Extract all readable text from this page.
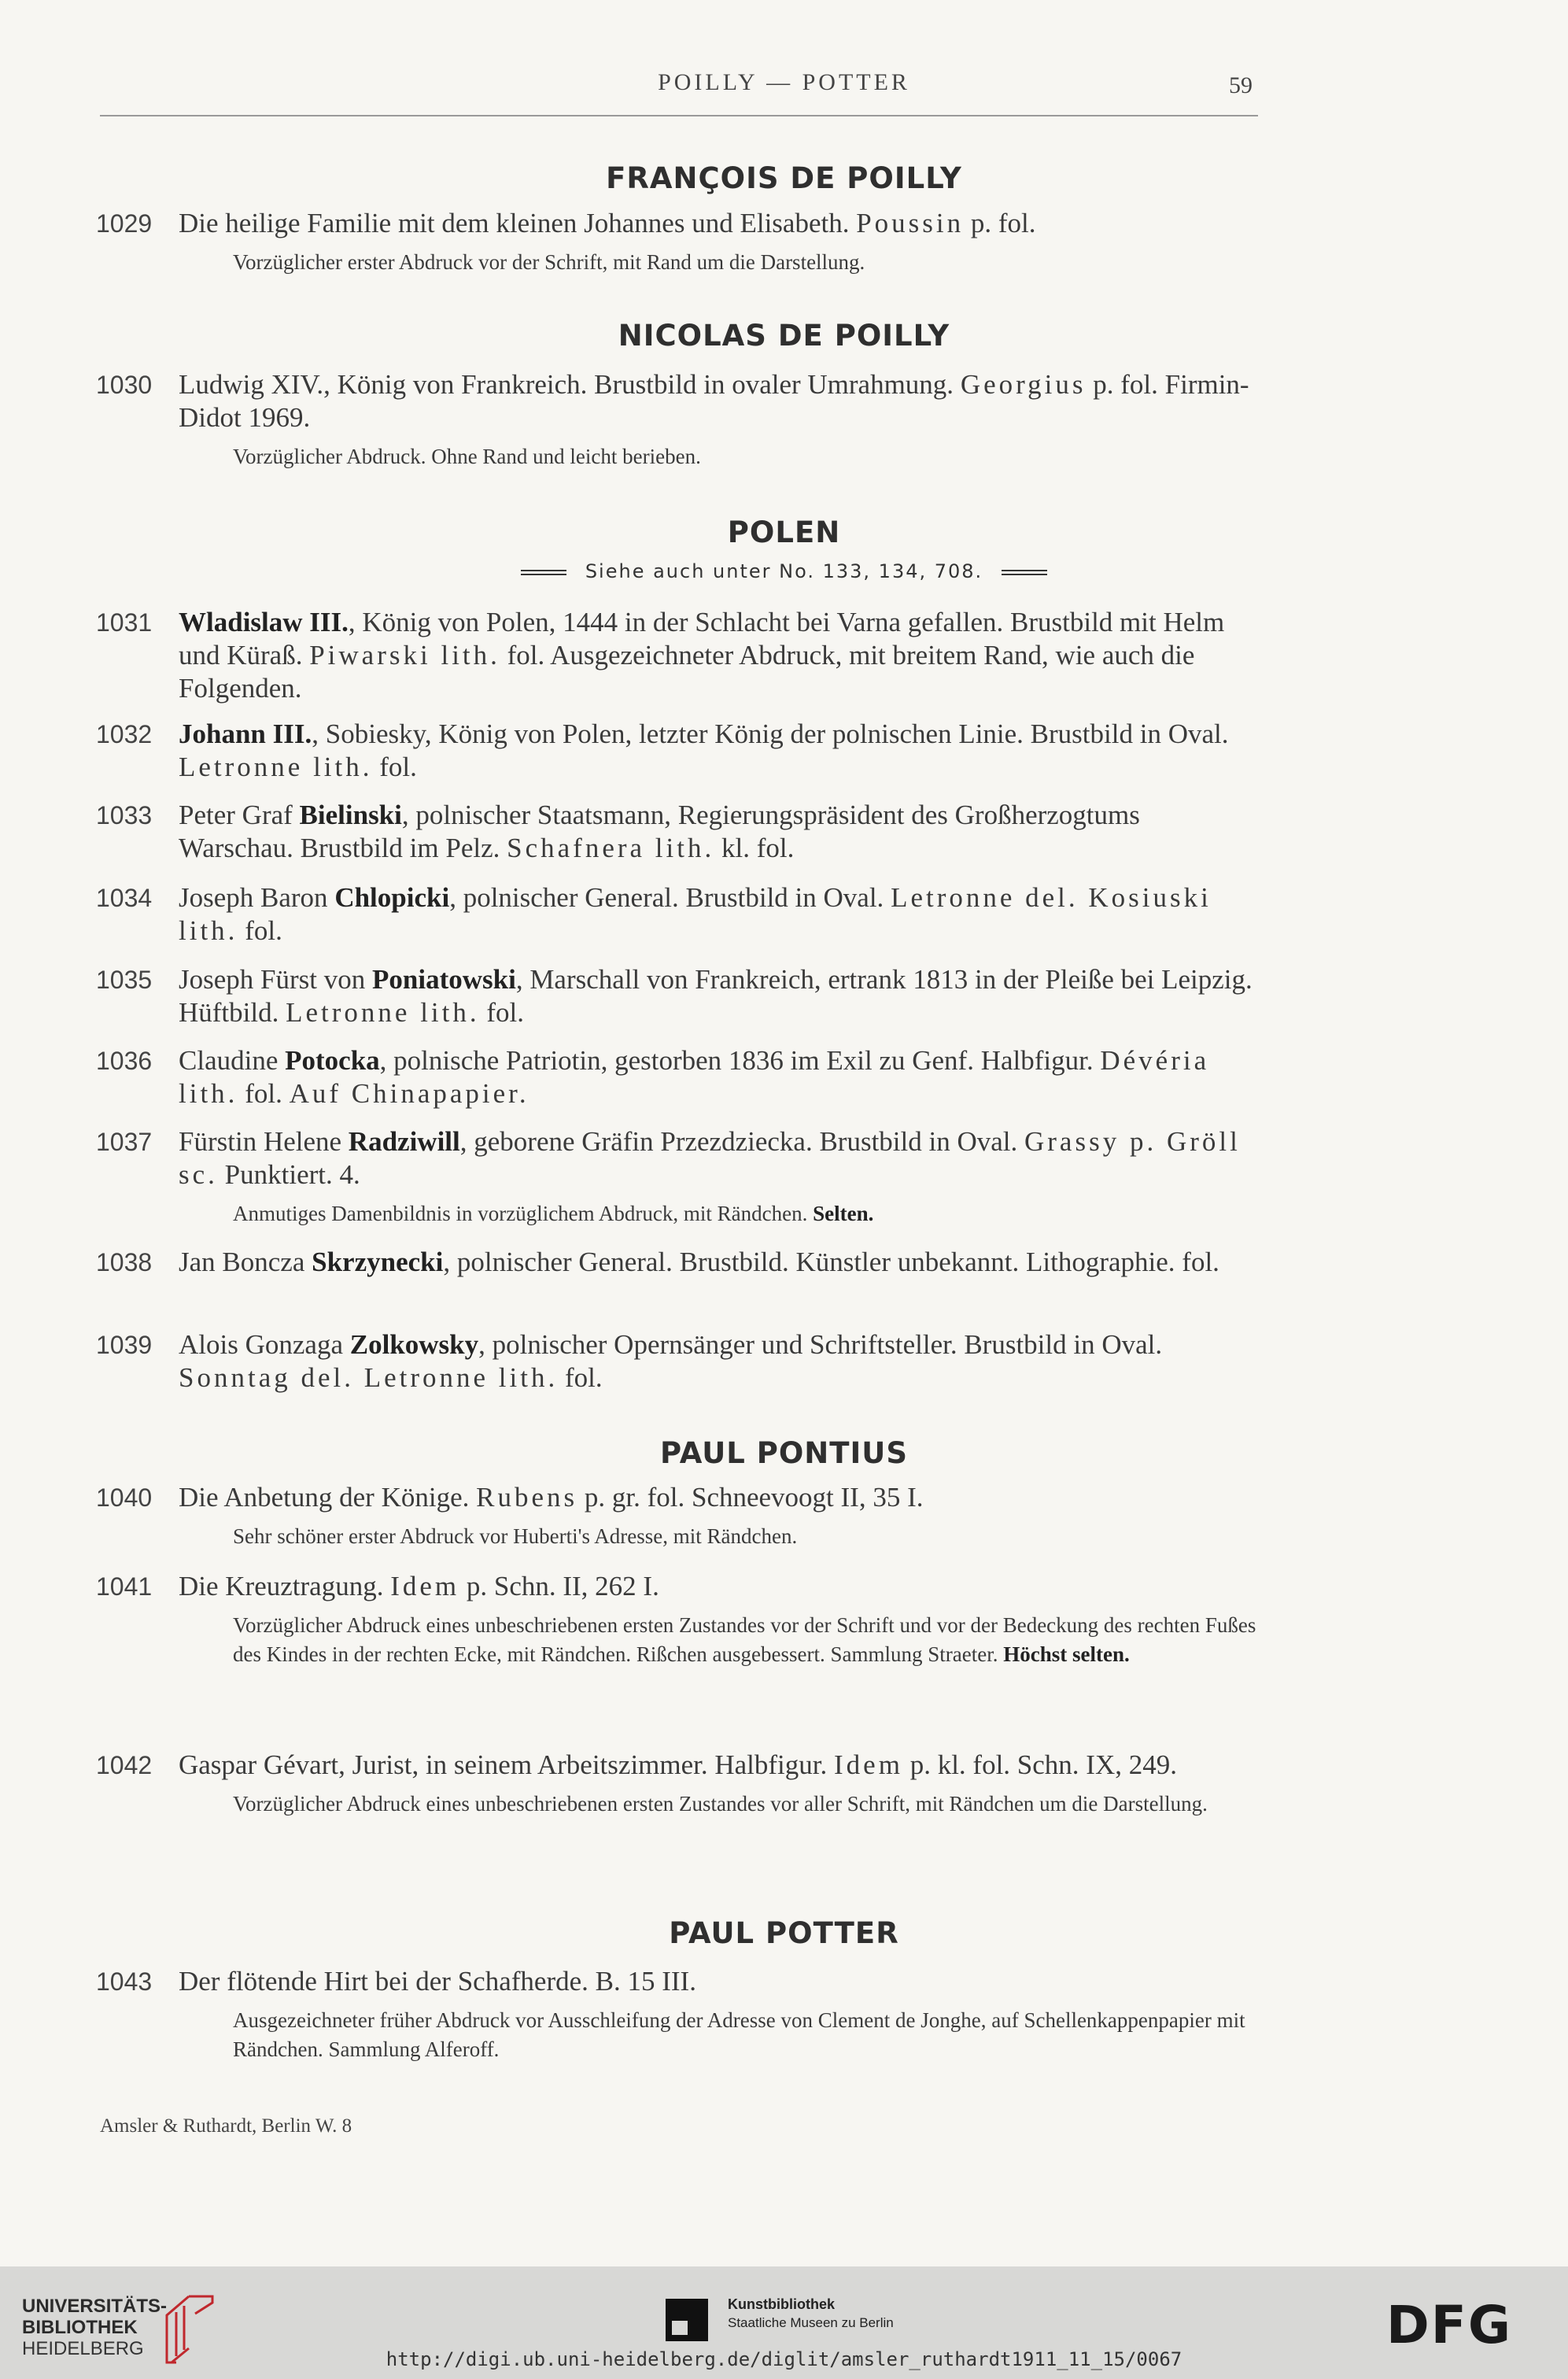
POILLY — POTTER	59
FRANÇOIS DE POILLY
1029 Die heilige Familie mit dem kleinen Johannes und Elisabeth. Poussin p. fol.
Vorzüglicher erster Abdruck vor der Schrift, mit Rand um die Darstellung.
NICOLAS DE POILLY
1030 Ludwig XIV., König von Frankreich. Brustbild in ovaler Umrahmung. Georgius p. fol. Firmin-Didot 1969.
Vorzüglicher Abdruck. Ohne Rand und leicht berieben.
POLEN
Siehe auch unter No. 133, 134, 708.
1031 Wladislaw III., König von Polen, 1444 in der Schlacht bei Varna gefallen. Brustbild mit Helm und Küraß. Piwarski lith. fol. Ausgezeichneter Abdruck, mit breitem Rand, wie auch die Folgenden.
1032 Johann III., Sobiesky, König von Polen, letzter König der polnischen Linie. Brustbild in Oval. Letronne lith. fol.
1033 Peter Graf Bielinski, polnischer Staatsmann, Regierungspräsident des Großherzogtums Warschau. Brustbild im Pelz. Schafnera lith. kl. fol.
1034 Joseph Baron Chlopicki, polnischer General. Brustbild in Oval. Letronne del. Kosiuski lith. fol.
1035 Joseph Fürst von Poniatowski, Marschall von Frankreich, ertrank 1813 in der Pleiße bei Leipzig. Hüftbild. Letronne lith. fol.
1036 Claudine Potocka, polnische Patriotin, gestorben 1836 im Exil zu Genf. Halbfigur. Dévéria lith. fol. Auf Chinapapier.
1037 Fürstin Helene Radziwill, geborene Gräfin Przezdziecka. Brustbild in Oval. Grassy p. Gröll sc. Punktiert. 4.
Anmutiges Damenbildnis in vorzüglichem Abdruck, mit Rändchen. Selten.
1038 Jan Boncza Skrzynecki, polnischer General. Brustbild. Künstler unbekannt. Lithographie. fol.
1039 Alois Gonzaga Zolkowsky, polnischer Opernsänger und Schriftsteller. Brustbild in Oval. Sonntag del. Letronne lith. fol.
PAUL PONTIUS
1040 Die Anbetung der Könige. Rubens p. gr. fol. Schneevoogt II, 35 I.
Sehr schöner erster Abdruck vor Huberti's Adresse, mit Rändchen.
1041 Die Kreuztragung. Idem p. Schn. II, 262 I.
Vorzüglicher Abdruck eines unbeschriebenen ersten Zustandes vor der Schrift und vor der Bedeckung des rechten Fußes des Kindes in der rechten Ecke, mit Rändchen. Rißchen ausgebessert. Sammlung Straeter. Höchst selten.
1042 Gaspar Gévart, Jurist, in seinem Arbeitszimmer. Halbfigur. Idem p. kl. fol. Schn. IX, 249.
Vorzüglicher Abdruck eines unbeschriebenen ersten Zustandes vor aller Schrift, mit Rändchen um die Darstellung.
PAUL POTTER
1043 Der flötende Hirt bei der Schafherde. B. 15 III.
Ausgezeichneter früher Abdruck vor Ausschleifung der Adresse von Clement de Jonghe, auf Schellenkappenpapier mit Rändchen. Sammlung Alferoff.
Amsler & Ruthardt, Berlin W. 8
UNIVERSITÄTS-
BIBLIOTHEK
HEIDELBERG
Kunstbibliothek
Staatliche Museen zu Berlin	DFG
http://digi.ub.uni-heidelberg.de/diglit/amsler_ruthardt1911_11_15/0067
